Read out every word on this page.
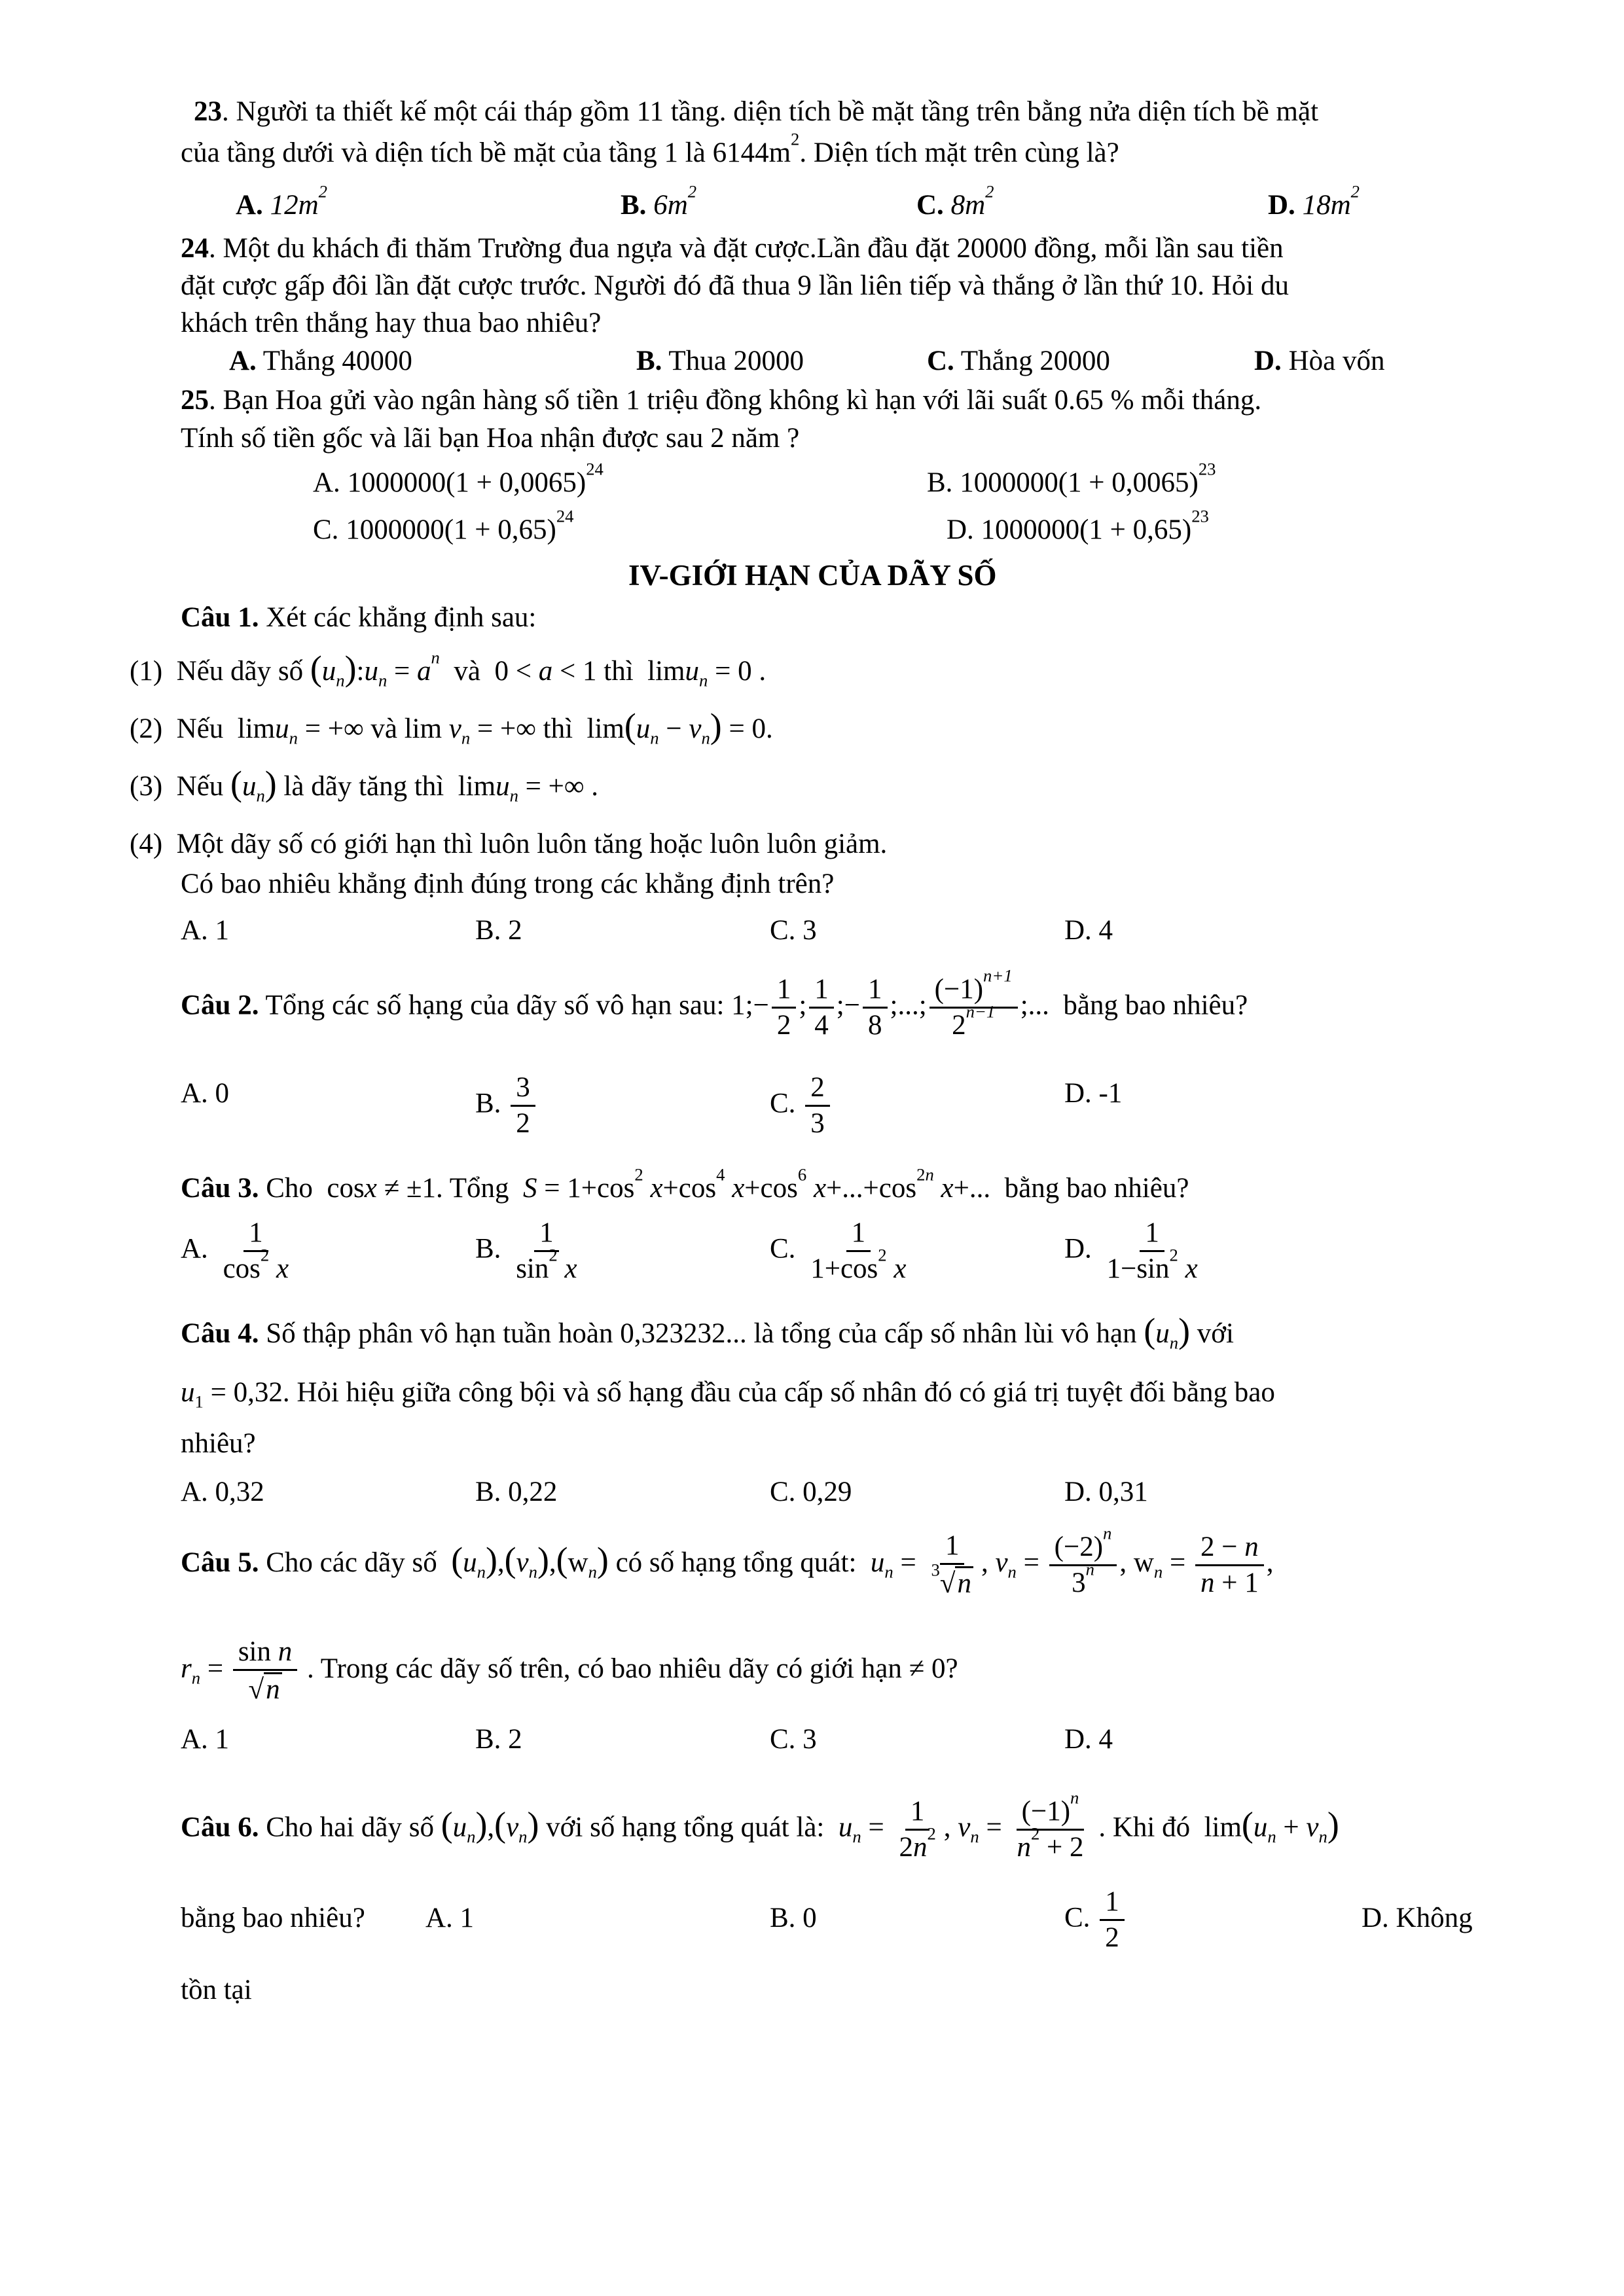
23. Người ta thiết kế một cái tháp gồm 11 tầng. diện tích bề mặt tầng trên bằng nửa diện tích bề mặt
của tầng dưới và diện tích bề mặt của tầng 1 là $6144m^2$. Diện tích mặt trên cùng là?
A. $12m^2$	B. $6m^2$	C. $8m^2$	D. $18m^2$
24. Một du khách đi thăm Trường đua ngựa và đặt cược.Lần đầu đặt 20000 đồng, mỗi lần sau tiền
đặt cược gấp đôi lần đặt cược trước. Người đó đã thua 9 lần liên tiếp và thắng ở lần thứ 10. Hỏi du
khách trên thắng hay thua bao nhiêu?
A. Thắng 40000	B. Thua 20000	C. Thắng 20000	D. Hòa vốn
25. Bạn Hoa gửi vào ngân hàng số tiền 1 triệu đồng không kì hạn với lãi suất 0.65 % mỗi tháng.
Tính số tiền gốc và lãi bạn Hoa nhận được sau 2 năm ?
A. $1000000(1 + 0,0065)^{24}$	B. $1000000(1 + 0,0065)^{23}$
C. $1000000(1 + 0,65)^{24}$	D. $1000000(1 + 0,65)^{23}$
IV-GIỚI HẠN CỦA DÃY SỐ
Câu 1. Xét các khẳng định sau:
(1) Nếu dãy số $(u_n):u_n = a^n$ và  0 < a < 1 thì  limu$_n$ = 0 .
(2) Nếu  limu$_n$ = +∞ và $\lim v_n$ = +∞ thì  $\lim(u_n - v_n) = 0$.
(3) Nếu $(u_n)$ là dãy tăng thì  limu$_n$ = +∞ .
(4) Một dãy số có giới hạn thì luôn luôn tăng hoặc luôn luôn giảm.
Có bao nhiêu khẳng định đúng trong các khẳng định trên?
A. 1	B. 2	C. 3	D. 4
Câu 2. Tổng các số hạng của dãy số vô hạn sau: 1;− $\frac{1}{2}$ ; $\frac{1}{4}$ ;− $\frac{1}{8}$ ;...; $\frac{(-1)^{n+1}}{2^{n-1}}$ ;...  bằng bao nhiêu?
A. 0	B. $\frac{3}{2}$	C. $\frac{2}{3}$	D. -1
Câu 3. Cho  cosx ≠ ±1. Tổng $S = 1+\cos^2$ $x+\cos^4$ $x+\cos^6$ $x+...+\cos^{2n}$ x+...  bằng bao nhiêu?
A. $\frac{1}{\cos^2 x}$	B. $\frac{1}{\sin^2 x}$	C. $\frac{1}{1+\cos^2 x}$	D. $\frac{1}{1-\sin^2 x}$
Câu 4. Số thập phân vô hạn tuần hoàn 0,323232... là tổng của cấp số nhân lùi vô hạn $(u_n)$ với
$u_1 = 0,32$. Hỏi hiệu giữa công bội và số hạng đầu của cấp số nhân đó có giá trị tuyệt đối bằng bao
nhiêu?
A. 0,32	B. 0,22	C. 0,29	D. 0,31
Câu 5. Cho các dãy số $(u_n),(v_n),(w_n)$ có số hạng tổng quát: $u_n = \frac{1}{^3√ n}$ , $v_n = \frac{(-2)^n}{3^n}$ , $w_n = \frac{2 - n}{n + 1}$ ,
$r_n = \frac{\text{sin n}}{√ n}$ . Trong các dãy số trên, có bao nhiêu dãy có giới hạn ≠ 0?
A. 1	B. 2	C. 3	D. 4
Câu 6. Cho hai dãy số $(u_n),(v_n)$ với số hạng tổng quát là: $u_n = \frac{1}{2n^2}$ , $v_n = \frac{(-1)^n}{n^2 + 2}$ . Khi đó  $\lim(u_n + v_n)$
bằng bao nhiêu? A. 1	B. 0	C. $\frac{1}{2}$	D. Không
tồn tại
